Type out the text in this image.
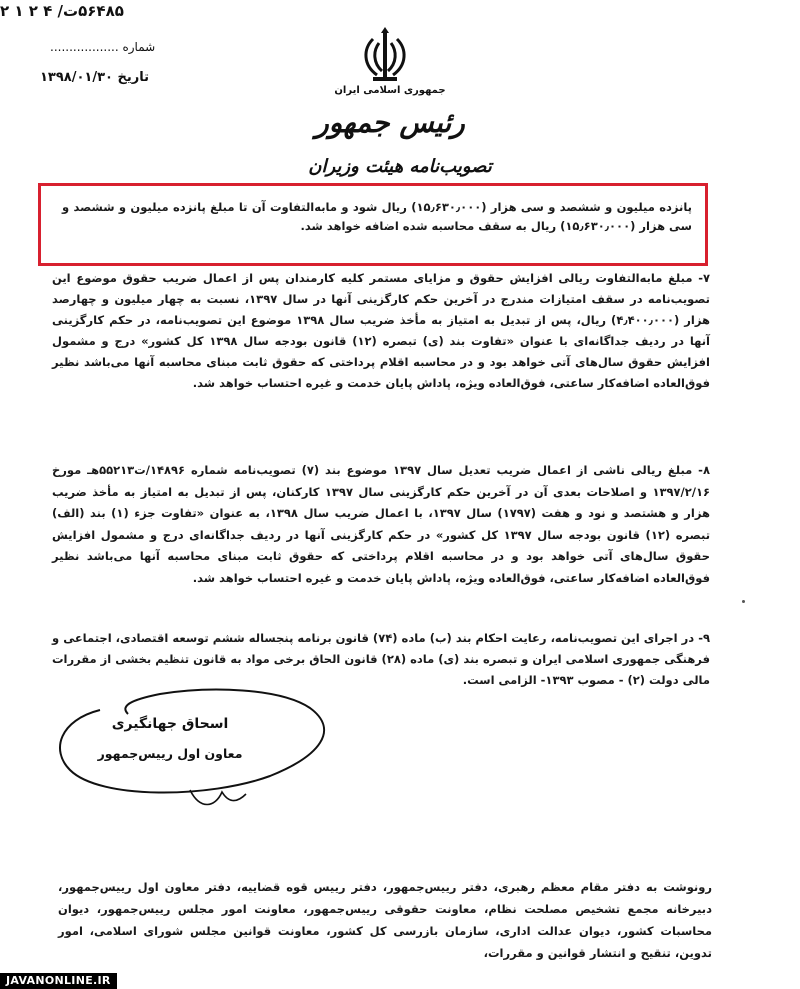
۵۶۴۸۵ت/ ۴ ۲ ۱ ۲
شماره ..................
تاریخ ۱۳۹۸/۰۱/۳۰
جمهوری اسلامی ایران
رئیس جمهور
تصویب‌نامه هیئت وزیران
پانزده میلیون و ششصد و سی هزار (۱۵٫۶۳۰٫۰۰۰) ریال شود و مابه‌التفاوت آن تا مبلغ پانزده میلیون و ششصد و سی هزار (۱۵٫۶۳۰٫۰۰۰) ریال به سقف محاسبه شده اضافه خواهد شد.
۷- مبلغ مابه‌التفاوت ریالی افزایش حقوق و مزایای مستمر کلیه کارمندان پس از اعمال ضریب حقوق موضوع این تصویب‌نامه در سقف امتیازات مندرج در آخرین حکم کارگزینی آنها در سال ۱۳۹۷، نسبت به چهار میلیون و چهارصد هزار (۴٫۴۰۰٫۰۰۰) ریال، پس از تبدیل به امتیاز به مأخذ ضریب سال ۱۳۹۸ موضوع این تصویب‌نامه، در حکم کارگزینی آنها در ردیف جداگانه‌ای با عنوان «تفاوت بند (ی) تبصره (۱۲) قانون بودجه سال ۱۳۹۸ کل کشور» درج و مشمول افزایش حقوق سال‌های آتی خواهد بود و در محاسبه اقلام پرداختی که حقوق ثابت مبنای محاسبه آنها می‌باشد نظیر فوق‌العاده اضافه‌کار ساعتی، فوق‌العاده ویژه، پاداش پایان خدمت و غیره احتساب خواهد شد.
۸- مبلغ ریالی ناشی از اعمال ضریب تعدیل سال ۱۳۹۷ موضوع بند (۷) تصویب‌نامه شماره ۱۴۸۹۶/ت۵۵۲۱۳هـ مورخ ۱۳۹۷/۲/۱۶ و اصلاحات بعدی آن در آخرین حکم کارگزینی سال ۱۳۹۷ کارکنان، پس از تبدیل به امتیاز به مأخذ ضریب هزار و هشتصد و نود و هفت (۱۷۹۷) سال ۱۳۹۷، با اعمال ضریب سال ۱۳۹۸، به عنوان «تفاوت جزء (۱) بند (الف) تبصره (۱۲) قانون بودجه سال ۱۳۹۷ کل کشور» در حکم کارگزینی آنها در ردیف جداگانه‌ای درج و مشمول افزایش حقوق سال‌های آتی خواهد بود و در محاسبه اقلام پرداختی که حقوق ثابت مبنای محاسبه آنها می‌باشد نظیر فوق‌العاده اضافه‌کار ساعتی، فوق‌العاده ویژه، پاداش پایان خدمت و غیره احتساب خواهد شد.
۹- در اجرای این تصویب‌نامه، رعایت احکام بند (ب) ماده (۷۴) قانون برنامه پنجساله ششم توسعه اقتصادی، اجتماعی و فرهنگی جمهوری اسلامی ایران و تبصره بند (ی) ماده (۲۸) قانون الحاق برخی مواد به قانون تنظیم بخشی از مقررات مالی دولت (۲) - مصوب ۱۳۹۳- الزامی است.
اسحاق جهانگیری
معاون اول رییس‌جمهور
رونوشت به دفتر مقام معظم رهبری، دفتر رییس‌جمهور، دفتر رییس قوه قضاییه، دفتر معاون اول رییس‌جمهور، دبیرخانه مجمع تشخیص مصلحت نظام، معاونت حقوقی رییس‌جمهور، معاونت امور مجلس رییس‌جمهور، دیوان محاسبات کشور، دیوان عدالت اداری، سازمان بازرسی کل کشور، معاونت قوانین مجلس شورای اسلامی، امور تدوین، تنقیح و انتشار قوانین و مقررات،
JAVANONLINE.IR
